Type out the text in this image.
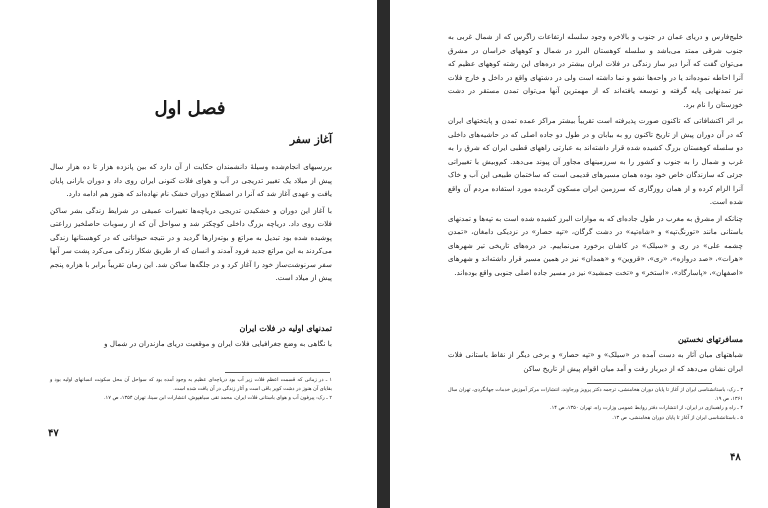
فصل اول
آغاز سفر

بررسیهای انجام‌شده وسیلهٔ دانشمندان حکایت از آن دارد که بین پانزده هزار تا ده هزار سال پیش از میلاد یک تغییر تدریجی در آب و هوای فلات کنونی ایران روی داد و دوران بارانی پایان یافت و عهدی آغاز شد که آنرا در اصطلاح دوران خشک نام نهاده‌اند که هنوز هم ادامه دارد.

با آغاز این دوران و خشکیدن تدریجی دریاچه‌ها تغییرات عمیقی در شرایط زندگی بشر ساکن فلات روی داد. دریاچه بزرگ داخلی کوچکتر شد و سواحل آن که از رسوبات حاصلخیز زراعتی پوشیده شده بود تبدیل به مراتع و بوته‌زارها گردید و در نتیجه حیواناتی که در کوهستانها زندگی می‌کردند به این مراتع جدید فرود آمدند و انسان که از طریق شکار زندگی می‌کرد پشت سر آنها سفر سرنوشت‌ساز خود را آغاز کرد و در جلگه‌ها ساکن شد. این زمان تقریباً برابر با هزاره پنجم پیش از میلاد است.

تمدنهای اولیه در فلات ایران
با نگاهی به وضع جغرافیایی فلات ایران و موقعیت دریای مازندران در شمال و

۱ ـ در زمانی که قسمت اعظم فلات زیر آب بود دریاچه‌ای عظیم به وجود آمده بود که سواحل آن محل سکونت انسانهای اولیه بود و بقایای آن هنوز در دشت کویر باقی است و آثار زندگی در آن یافت شده است.

۲ ـ رک: پیرفون آب و هوای باستانی فلات ایران، محمد تقی سیاهپوش، انتشارات ابن سینا، تهران ۱۳۵۴، ص ۱۷.

۴۷

خلیج‌فارس و دریای عمان در جنوب و بالاخره وجود سلسله ارتفاعات زاگرس که از شمال غربی به جنوب شرقی ممتد می‌باشد و سلسله کوهستان البرز در شمال و کوههای خراسان در مشرق می‌توان گفت که آنرا دیر ساز زندگی در فلات ایران بیشتر در دره‌های این رشته کوههای عظیم که آنرا احاطه نموده‌اند یا در واحه‌ها نشو و نما داشته است ولی در دشتهای واقع در داخل و خارج فلات نیز تمدنهایی پایه گرفته و توسعه یافته‌اند که از مهمترین آنها می‌توان تمدن مستقر در دشت خوزستان را نام برد.

بر اثر اکتشافاتی که تاکنون صورت پذیرفته است تقریباً بیشتر مراکز عمده تمدن و پایتختهای ایران که در آن دوران پیش از تاریخ تاکنون رو به بیابان و در طول دو جاده اصلی که در حاشیه‌های داخلی دو سلسله کوهستان بزرگ کشیده شده قرار داشته‌اند به عبارتی راههای قطبی ایران که شرق را به غرب و شمال را به جنوب و کشور را به سرزمینهای مجاور آن پیوند می‌دهد. کم‌وبیش با تغییراتی جزئی که سازندگان خاص خود بوده همان مسیرهای قدیمی است که ساختمان طبیعی این آب و خاک آنرا الزام کرده و از همان روزگاری که سرزمین ایران مسکون گردیده مورد استفاده مردم آن واقع شده است.

چنانکه از مشرق به مغرب در طول جاده‌ای که به موازات البرز کشیده شده است به تپه‌ها و تمدنهای باستانی مانند «تورنگ‌تپه» و «شاه‌تپه» در دشت گرگان، «تپه حصار» در نزدیکی دامغان، «تمدن چشمه علی» در ری و «سیلک» در کاشان برخورد می‌نماییم. در دره‌های تاریخی تیر شهرهای «هرات»، «صد دروازه»، «ری»، «قزوین» و «همدان» نیز در همین مسیر قرار داشته‌اند و شهرهای «اصفهان»، «پاسارگاد»، «استخر» و «تخت جمشید» نیز در مسیر جاده اصلی جنوبی واقع بوده‌اند.

مسافرتهای نخستین
شباهتهای میان آثار به دست آمده در «سیلک» و «تپه حصار» و برخی دیگر از نقاط باستانی فلات ایران نشان می‌دهد که از دیرباز رفت و آمد میان اقوام پیش از تاریخ ساکن

۳ ـ رک: باستانشناسی ایران از آغاز تا پایان دوران هخامنشی، ترجمه دکتر پرویز ورجاوند، انتشارات مرکز آموزش خدمات جهانگردی، تهران سال ۱۳۶۱، ص ۱۹.

۴ ـ راه و راهسازی در ایران، از انتشارات دفتر روابط عمومی وزارت راه، تهران ۱۳۵۰، ص ۱۴.

۵ ـ باستانشناسی ایران از آغاز تا پایان دوران هخامنشی، ص ۱۳.

۴۸
